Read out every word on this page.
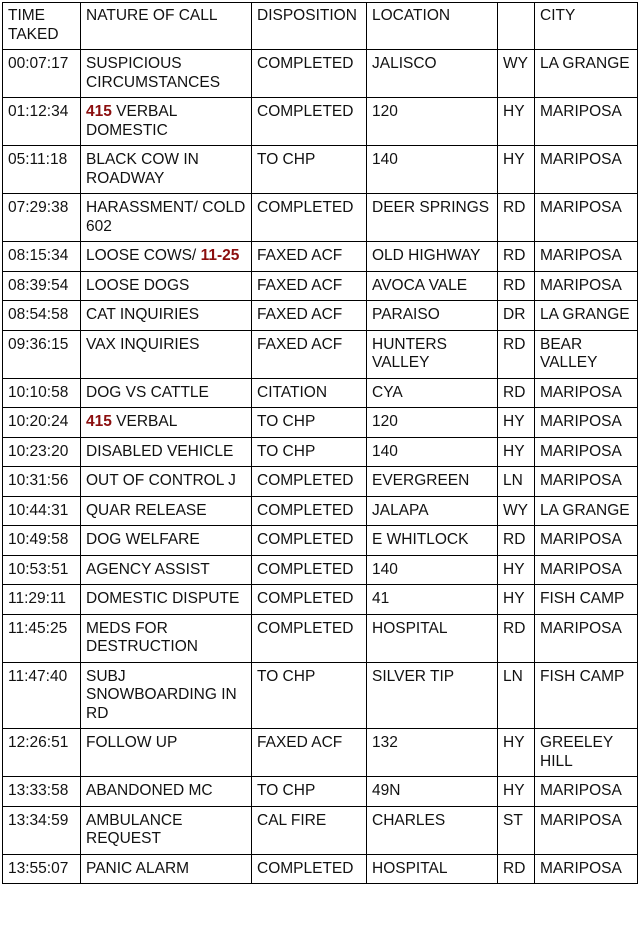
TIME TAKED	NATURE OF CALL	DISPOSITION	LOCATION		CITY
00:07:17	SUSPICIOUS CIRCUMSTANCES	COMPLETED	JALISCO	WY	LA GRANGE
01:12:34	415 VERBAL DOMESTIC	COMPLETED	120	HY	MARIPOSA
05:11:18	BLACK COW IN ROADWAY	TO CHP	140	HY	MARIPOSA
07:29:38	HARASSMENT/ COLD 602	COMPLETED	DEER SPRINGS	RD	MARIPOSA
08:15:34	LOOSE COWS/ 11-25	FAXED ACF	OLD HIGHWAY	RD	MARIPOSA
08:39:54	LOOSE DOGS	FAXED ACF	AVOCA VALE	RD	MARIPOSA
08:54:58	CAT INQUIRIES	FAXED ACF	PARAISO	DR	LA GRANGE
09:36:15	VAX INQUIRIES	FAXED ACF	HUNTERS VALLEY	RD	BEAR VALLEY
10:10:58	DOG VS CATTLE	CITATION	CYA	RD	MARIPOSA
10:20:24	415 VERBAL	TO CHP	120	HY	MARIPOSA
10:23:20	DISABLED VEHICLE	TO CHP	140	HY	MARIPOSA
10:31:56	OUT OF CONTROL J	COMPLETED	EVERGREEN	LN	MARIPOSA
10:44:31	QUAR RELEASE	COMPLETED	JALAPA	WY	LA GRANGE
10:49:58	DOG WELFARE	COMPLETED	E WHITLOCK	RD	MARIPOSA
10:53:51	AGENCY ASSIST	COMPLETED	140	HY	MARIPOSA
11:29:11	DOMESTIC DISPUTE	COMPLETED	41	HY	FISH CAMP
11:45:25	MEDS FOR DESTRUCTION	COMPLETED	HOSPITAL	RD	MARIPOSA
11:47:40	SUBJ SNOWBOARDING IN RD	TO CHP	SILVER TIP	LN	FISH CAMP
12:26:51	FOLLOW UP	FAXED ACF	132	HY	GREELEY HILL
13:33:58	ABANDONED MC	TO CHP	49N	HY	MARIPOSA
13:34:59	AMBULANCE REQUEST	CAL FIRE	CHARLES	ST	MARIPOSA
13:55:07	PANIC ALARM	COMPLETED	HOSPITAL	RD	MARIPOSA
